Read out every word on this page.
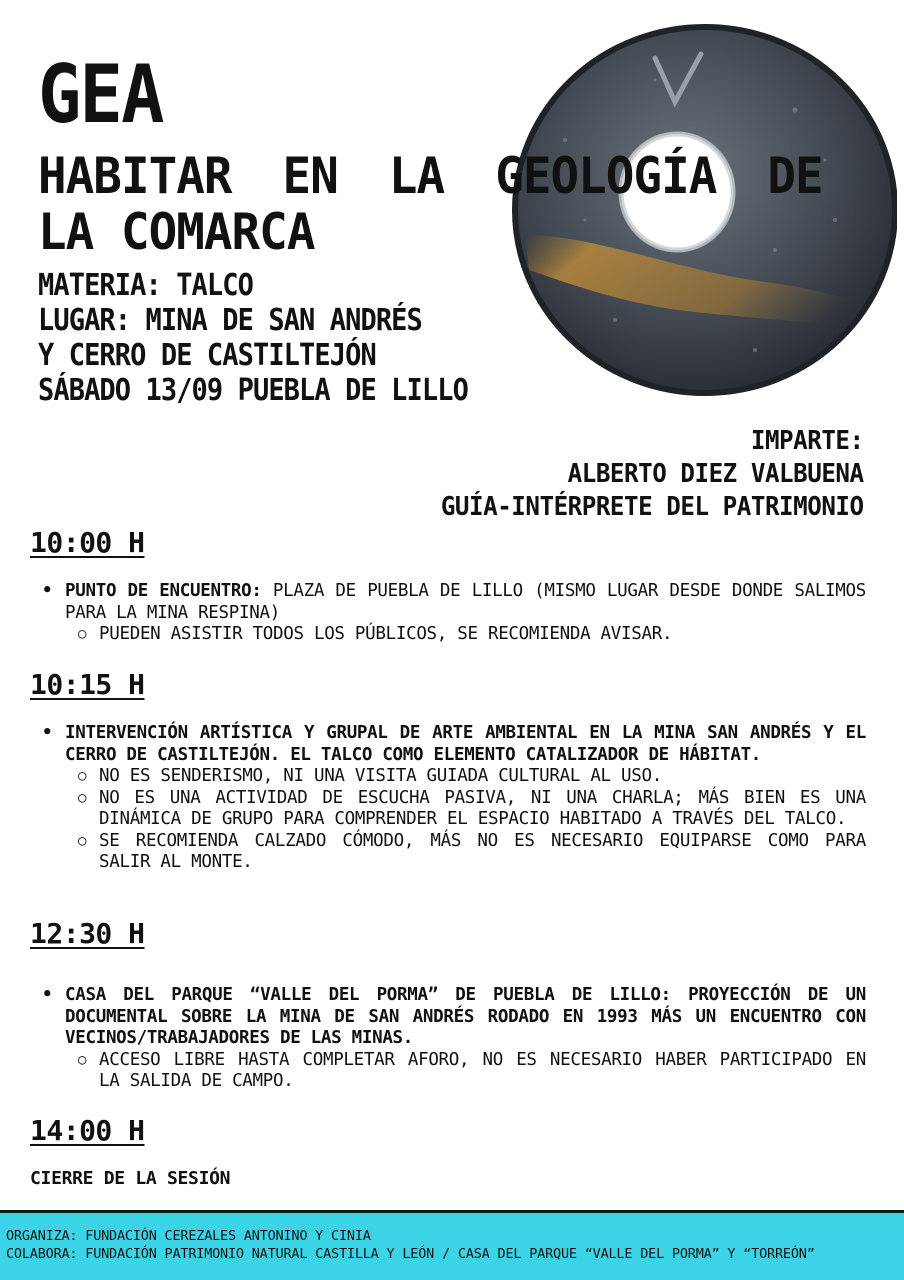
GEA
HABITAR EN LA GEOLOGÍA DE
LA COMARCA
MATERIA: TALCO
LUGAR: MINA DE SAN ANDRÉS
Y CERRO DE CASTILTEJÓN
SÁBADO 13/09 PUEBLA DE LILLO
IMPARTE:
ALBERTO DIEZ VALBUENA
GUÍA-INTÉRPRETE DEL PATRIMONIO
10:00 H
• PUNTO DE ENCUENTRO: PLAZA DE PUEBLA DE LILLO (MISMO LUGAR DESDE DONDE SALIMOS PARA LA MINA RESPINA)
○ PUEDEN ASISTIR TODOS LOS PÚBLICOS, SE RECOMIENDA AVISAR.
10:15 H
• INTERVENCIÓN ARTÍSTICA Y GRUPAL DE ARTE AMBIENTAL EN LA MINA SAN ANDRÉS Y EL CERRO DE CASTILTEJÓN. EL TALCO COMO ELEMENTO CATALIZADOR DE HÁBITAT.
○ NO ES SENDERISMO, NI UNA VISITA GUIADA CULTURAL AL USO.
○ NO ES UNA ACTIVIDAD DE ESCUCHA PASIVA, NI UNA CHARLA; MÁS BIEN ES UNA DINÁMICA DE GRUPO PARA COMPRENDER EL ESPACIO HABITADO A TRAVÉS DEL TALCO.
○ SE RECOMIENDA CALZADO CÓMODO, MÁS NO ES NECESARIO EQUIPARSE COMO PARA SALIR AL MONTE.
12:30 H
• CASA DEL PARQUE “VALLE DEL PORMA” DE PUEBLA DE LILLO: PROYECCIÓN DE UN DOCUMENTAL SOBRE LA MINA DE SAN ANDRÉS RODADO EN 1993 MÁS UN ENCUENTRO CON VECINOS/TRABAJADORES DE LAS MINAS.
○ ACCESO LIBRE HASTA COMPLETAR AFORO, NO ES NECESARIO HABER PARTICIPADO EN LA SALIDA DE CAMPO.
14:00 H
CIERRE DE LA SESIÓN
ORGANIZA: FUNDACIÓN CEREZALES ANTONINO Y CINIA
COLABORA: FUNDACIÓN PATRIMONIO NATURAL CASTILLA Y LEÓN / CASA DEL PARQUE “VALLE DEL PORMA” Y “TORREÓN”
